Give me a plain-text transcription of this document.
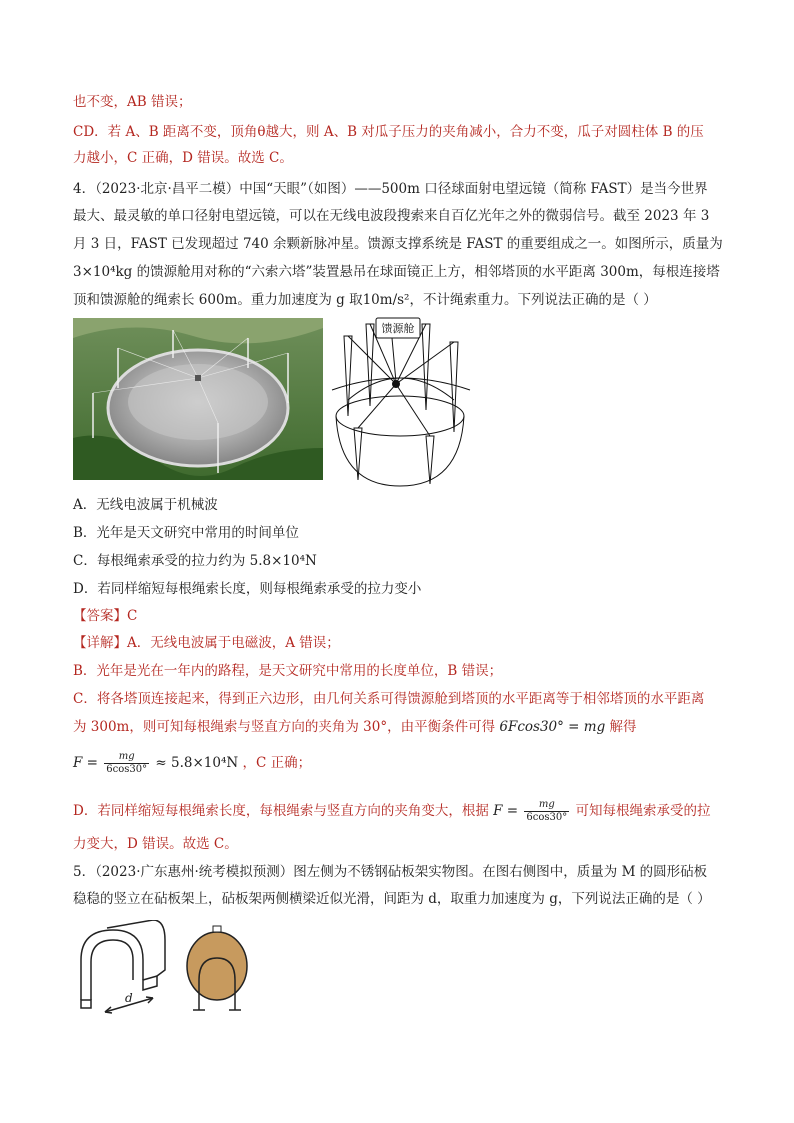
也不变，AB 错误；
CD．若 A、B 距离不变，顶角θ越大，则 A、B 对瓜子压力的夹角减小，合力不变，瓜子对圆柱体 B 的压
力越小，C 正确，D 错误。故选 C。
4．（2023·北京·昌平二模）中国“天眼”（如图）——500m 口径球面射电望远镜（简称 FAST）是当今世界
最大、最灵敏的单口径射电望远镜，可以在无线电波段搜索来自百亿光年之外的微弱信号。截至 2023 年 3
月 3 日，FAST 已发现超过 740 余颗新脉冲星。馈源支撑系统是 FAST 的重要组成之一。如图所示，质量为
3×10⁴kg 的馈源舱用对称的“六索六塔”装置悬吊在球面镜正上方，相邻塔顶的水平距离 300m，每根连接塔
顶和馈源舱的绳索长 600m。重力加速度为 g 取10m/s²，不计绳索重力。下列说法正确的是（ ）
馈源舱
A．无线电波属于机械波
B．光年是天文研究中常用的时间单位
C．每根绳索承受的拉力约为 5.8×10⁴N
D．若同样缩短每根绳索长度，则每根绳索承受的拉力变小
【答案】C
【详解】A．无线电波属于电磁波，A 错误；
B．光年是光在一年内的路程，是天文研究中常用的长度单位，B 错误；
C．将各塔顶连接起来，得到正六边形，由几何关系可得馈源舱到塔顶的水平距离等于相邻塔顶的水平距离
为 300m，则可知每根绳索与竖直方向的夹角为 30°，由平衡条件可得 6Fcos30° = mg 解得
$F = \frac{mg}{6\cos 30^\circ} \approx 5.8\times 10^4N$ ，C 正确；
D．若同样缩短每根绳索长度，每根绳索与竖直方向的夹角变大，根据 $F = \frac{mg}{6\cos 30^\circ}$ 可知每根绳索承受的拉
力变大，D 错误。故选 C。
5．（2023·广东惠州·统考模拟预测）图左侧为不锈钢砧板架实物图。在图右侧图中，质量为 M 的圆形砧板
稳稳的竖立在砧板架上，砧板架两侧横梁近似光滑，间距为 d，取重力加速度为 g，下列说法正确的是（ ）
d
